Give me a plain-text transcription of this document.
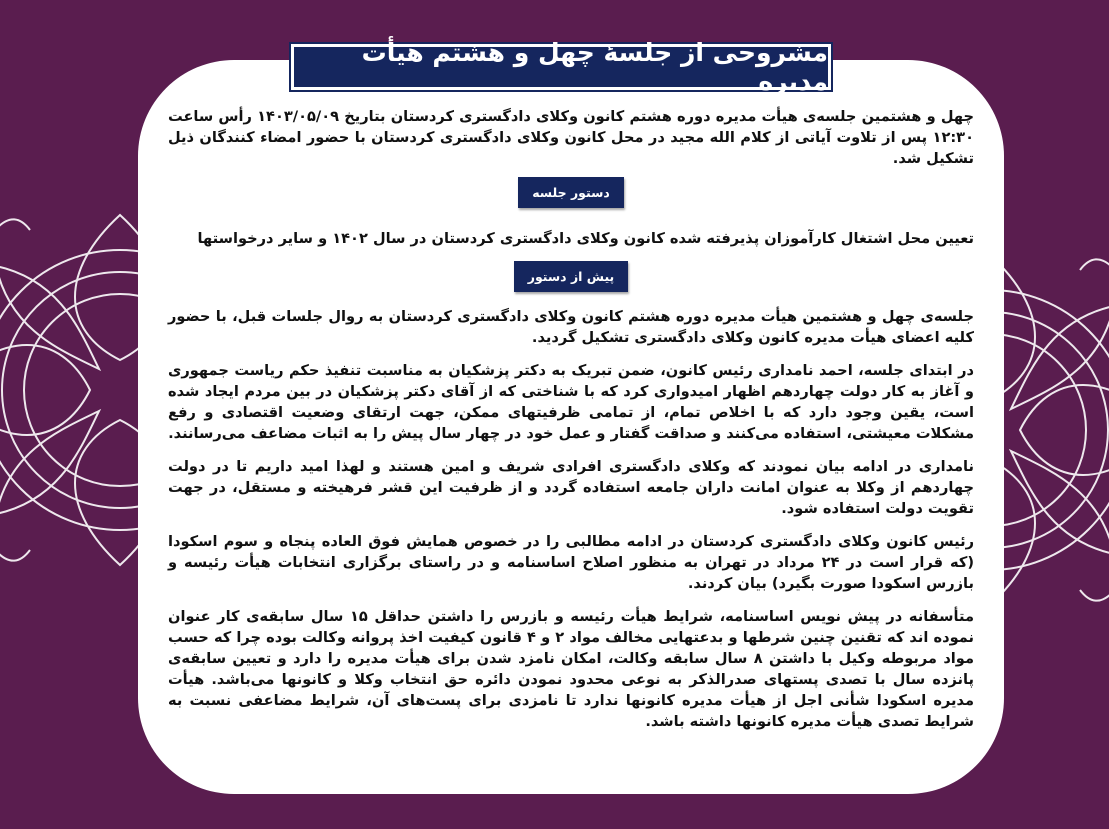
چهل و هشتمین جلسه‌ی هیأت مدیره دوره هشتم کانون وکلای دادگستری کردستان بتاریخ ۱۴۰۳/۰۵/۰۹ رأس ساعت ۱۲:۳۰ پس از تلاوت آیاتی از کلام الله مجید در محل کانون وکلای دادگستری کردستان با حضور امضاء کنندگان ذیل تشکیل شد.

دستور جلسه

تعیین محل اشتغال کارآموزان پذیرفته شده کانون وکلای دادگستری کردستان در سال ۱۴۰۲ و سایر درخواستها

پیش از دستور

جلسه‌ی چهل و هشتمین هیأت مدیره دوره هشتم کانون وکلای دادگستری کردستان به روال جلسات قبل، با حضور کلیه اعضای هیأت مدیره کانون وکلای دادگستری تشکیل گردید.

در ابتدای جلسه، احمد نامداری رئیس کانون، ضمن تبریک به دکتر پزشکیان به مناسبت تنفیذ حکم ریاست جمهوری و آغاز به کار دولت چهاردهم اظهار امیدواری کرد که با شناختی که از آقای دکتر پزشکیان در بین مردم ایجاد شده است، یقین وجود دارد که با اخلاص تمام، از تمامی ظرفیتهای ممکن، جهت ارتقای وضعیت اقتصادی و رفع مشکلات معیشتی، استفاده می‌کنند و صداقت گفتار و عمل خود در چهار سال پیش را به اثبات مضاعف می‌رسانند.

نامداری در ادامه بیان نمودند که وکلای دادگستری افرادی شریف و امین هستند و لهذا امید داریم تا در دولت چهاردهم از وکلا به عنوان امانت داران جامعه استفاده گردد و از ظرفیت این قشر فرهیخته و مستقل، در جهت تقویت دولت استفاده شود.

رئیس کانون وکلای دادگستری کردستان در ادامه مطالبی را در خصوص همایش فوق العاده پنجاه و سوم اسکودا (که قرار است در ۲۴ مرداد در تهران به منظور اصلاح اساسنامه و در راستای برگزاری انتخابات هیأت رئیسه و بازرس اسکودا صورت بگیرد) بیان کردند.

متأسفانه در پیش نویس اساسنامه، شرایط هیأت رئیسه و بازرس را داشتن حداقل ۱۵ سال سابقه‌ی کار عنوان نموده اند که تقنین چنین شرطها و بدعتهایی مخالف مواد ۲ و ۴ قانون کیفیت اخذ پروانه وکالت بوده چرا که حسب مواد مربوطه وکیل با داشتن ۸ سال سابقه وکالت، امکان نامزد شدن برای هیأت مدیره را دارد و تعیین سابقه‌ی پانزده سال با تصدی پستهای صدرالذکر به نوعی محدود نمودن دائره حق انتخاب وکلا و کانونها می‌باشد. هیأت مدیره اسکودا شأنی اجل از هیأت مدیره کانونها ندارد تا نامزدی برای پست‌های آن، شرایط مضاعفی نسبت به شرایط تصدی هیأت مدیره کانونها داشته باشد.

مشروحی از جلسهٔ چهل و هشتم هیأت مدیره
